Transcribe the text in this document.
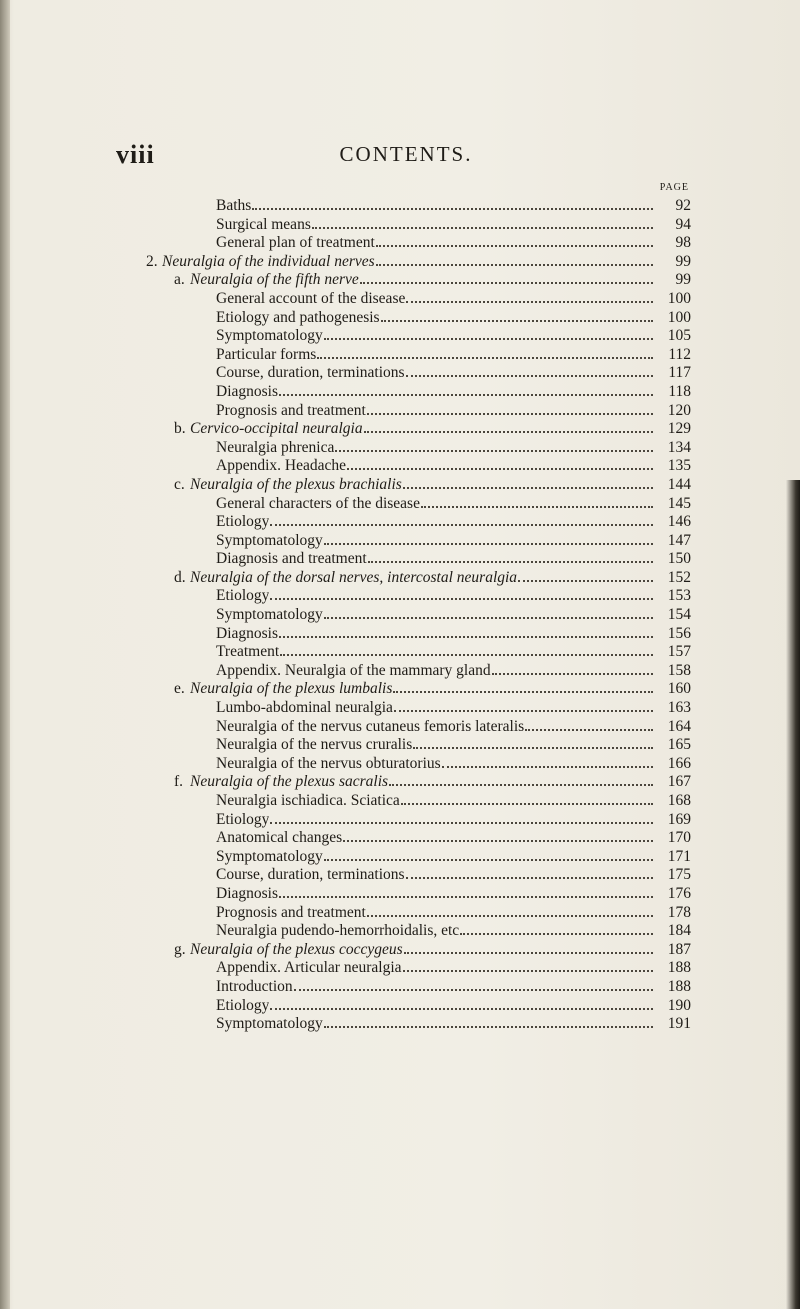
viii	CONTENTS.
PAGE
Baths	92
Surgical means	94
General plan of treatment	98
2. Neuralgia of the individual nerves	99
a. Neuralgia of the fifth nerve	99
General account of the disease	100
Etiology and pathogenesis	100
Symptomatology	105
Particular forms	112
Course, duration, terminations	117
Diagnosis	118
Prognosis and treatment	120
b. Cervico-occipital neuralgia	129
Neuralgia phrenica	134
Appendix. Headache	135
c. Neuralgia of the plexus brachialis	144
General characters of the disease	145
Etiology	146
Symptomatology	147
Diagnosis and treatment	150
d. Neuralgia of the dorsal nerves, intercostal neuralgia	152
Etiology	153
Symptomatology	154
Diagnosis	156
Treatment	157
Appendix. Neuralgia of the mammary gland	158
e. Neuralgia of the plexus lumbalis	160
Lumbo-abdominal neuralgia	163
Neuralgia of the nervus cutaneus femoris lateralis	164
Neuralgia of the nervus cruralis	165
Neuralgia of the nervus obturatorius	166
f. Neuralgia of the plexus sacralis	167
Neuralgia ischiadica. Sciatica	168
Etiology	169
Anatomical changes	170
Symptomatology	171
Course, duration, terminations	175
Diagnosis	176
Prognosis and treatment	178
Neuralgia pudendo-hemorrhoidalis, etc	184
g. Neuralgia of the plexus coccygeus	187
Appendix. Articular neuralgia	188
Introduction	188
Etiology	190
Symptomatology	191
